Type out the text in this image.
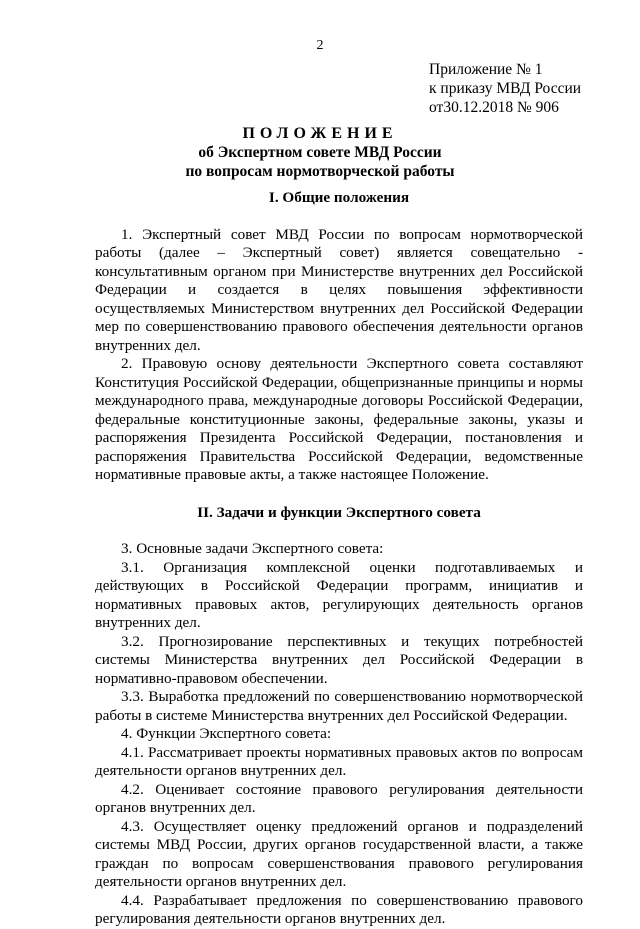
2
Приложение № 1
к приказу МВД России
от30.12.2018 № 906
ПОЛОЖЕНИЕ
об Экспертном совете МВД России
по вопросам нормотворческой работы
I. Общие положения

1. Экспертный совет МВД России по вопросам нормотворческой работы (далее – Экспертный совет) является совещательно - консультативным органом при Министерстве внутренних дел Российской Федерации и создается в целях повышения эффективности осуществляемых Министерством внутренних дел Российской Федерации мер по совершенствованию правового обеспечения деятельности органов внутренних дел.

2. Правовую основу деятельности Экспертного совета составляют Конституция Российской Федерации, общепризнанные принципы и нормы международного права, международные договоры Российской Федерации, федеральные конституционные законы, федеральные законы, указы и распоряжения Президента Российской Федерации, постановления и распоряжения Правительства Российской Федерации, ведомственные нормативные правовые акты, а также настоящее Положение.

II. Задачи и функции Экспертного совета

3. Основные задачи Экспертного совета:

3.1. Организация комплексной оценки подготавливаемых и действующих в Российской Федерации программ, инициатив и нормативных правовых актов, регулирующих деятельность органов внутренних дел.

3.2. Прогнозирование перспективных и текущих потребностей системы Министерства внутренних дел Российской Федерации в нормативно-правовом обеспечении.

3.3. Выработка предложений по совершенствованию нормотворческой работы в системе Министерства внутренних дел Российской Федерации.

4. Функции Экспертного совета:

4.1. Рассматривает проекты нормативных правовых актов по вопросам деятельности органов внутренних дел.

4.2. Оценивает состояние правового регулирования деятельности органов внутренних дел.

4.3. Осуществляет оценку предложений органов и подразделений системы МВД России, других органов государственной власти, а также граждан по вопросам совершенствования правового регулирования деятельности органов внутренних дел.

4.4. Разрабатывает предложения по совершенствованию правового регулирования деятельности органов внутренних дел.
